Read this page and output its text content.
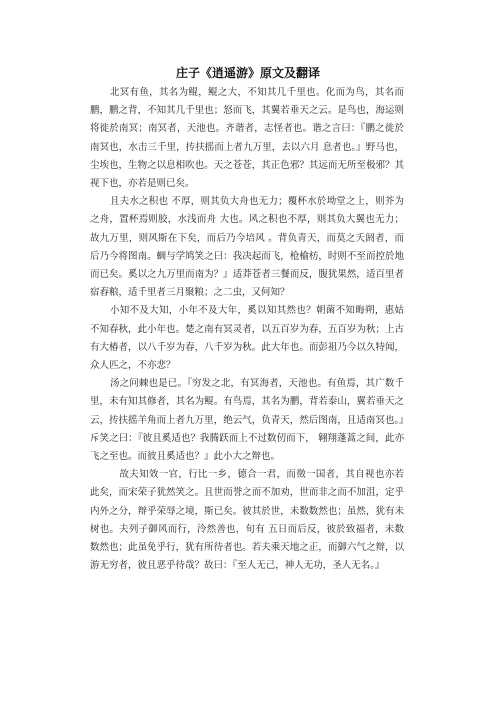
庄子《逍遥游》原文及翻译

北冥有鱼，其名为鲲，鲲之大，不知其几千里也。化而为鸟，其名而鹏，鹏之背，不知其几千里也；怒而飞，其翼若垂天之云。是鸟也，海运则将徙於南冥；南冥者，天池也。齐谐者，志怪者也。谐之言曰：『鹏之徙於南冥也，水击三千里，抟扶摇而上者九万里，去以六月 息者也。』野马也，尘埃也，生物之以息相吹也。天之苍苍，其正色邪？其远而无所至极邪？其视下也，亦若是则已矣。

且夫水之积也 不厚，则其负大舟也无力；覆杯水於坳堂之上，则芥为之舟，置杯焉则胶，水浅而舟 大也。风之积也不厚，则其负大翼也无力；故九万里，则风斯在下矣，而后乃今培风 。背负青天，而莫之夭阏者，而后乃今将图南。蜩与学鸠笑之曰：我决起而飞，枪榆枋，时则不至而控於地而已矣。奚以之九万里而南为？』适莽苍者三餐而反，腹犹果然，适百里者宿舂粮，适千里者三月聚粮；之二虫，又何知？

小知不及大知，小年不及大年，奚以知其然也？朝菌不知晦朔，惠姑不知春秋，此小年也。楚之南有冥灵者，以五百岁为春，五百岁为秋；上古有大椿者，以八千岁为春，八千岁为秋。此大年也。而彭祖乃今以久特闻，众人匹之，不亦悲？

汤之问棘也是已。『穷发之北，有冥海者，天池也。有鱼焉，其广数千里，未有知其修者，其名为鲲。有鸟焉，其名为鹏，背若泰山，翼若垂天之云，抟扶摇羊角而上者九万里，绝云气，负青天，然后图南，且适南冥也。』斥笑之曰：『彼且奚适也？我腾跃而上不过数仞而下， 翱翔蓬蒿之间，此亦飞之至也。而彼且奚适也？』此小大之辩也。

故夫知效一官，行比一乡，德合一君，而徵一国者，其自视也亦若此矣，而宋荣子犹然笑之。且世而誉之而不加劝，世而非之而不加沮，定乎内外之分，辩乎荣辱之境，斯已矣。彼其於世，未数数然也；虽然，犹有未树也。夫列子御风而行，泠然善也，旬有 五日而后反，彼於致福者，未数数然也；此虽免乎行，犹有所待者也。若夫乘天地之正，而御六气之辩，以游无穷者，彼且恶乎待哉？故曰：『至人无己，神人无功，圣人无名。』
